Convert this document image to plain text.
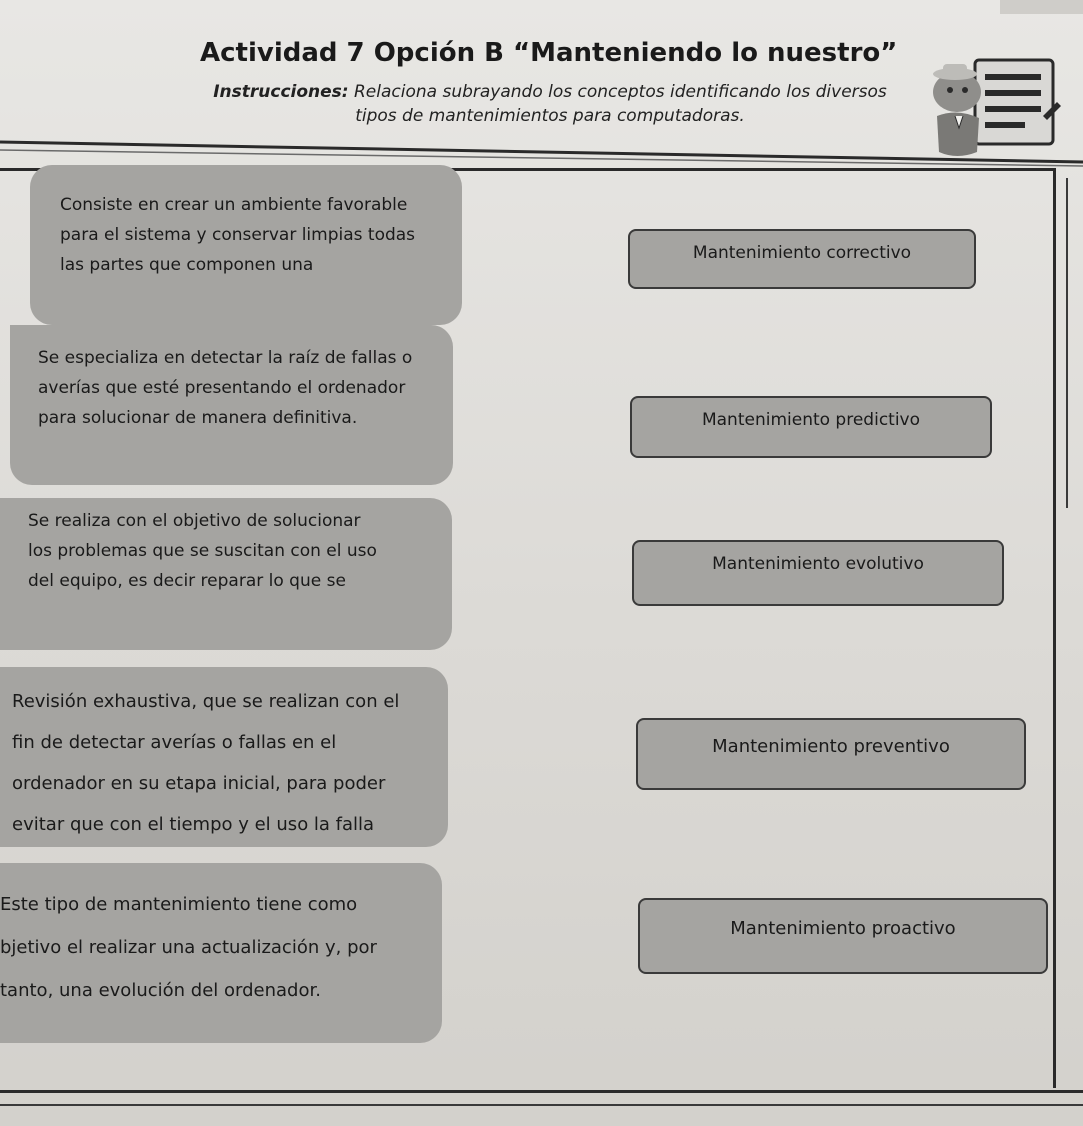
Actividad 7 Opción B “Manteniendo lo nuestro”

Instrucciones: Relaciona subrayando los conceptos identificando los diversos tipos de mantenimientos para computadoras.

Consiste en crear un ambiente favorable
para el sistema y conservar limpias todas
las partes que componen una

Se especializa en detectar la raíz de fallas o
averías que esté presentando el ordenador
para solucionar de manera definitiva.

Se realiza con el objetivo de solucionar
los problemas que se suscitan con el uso
del equipo, es decir reparar lo que se

Revisión exhaustiva, que se realizan con el
fin de detectar averías o fallas en el
ordenador en su etapa inicial, para poder
evitar que con el tiempo y el uso la falla

Este tipo de mantenimiento tiene como
bjetivo el realizar una actualización y, por
tanto, una evolución del ordenador.

Mantenimiento correctivo
Mantenimiento predictivo
Mantenimiento evolutivo
Mantenimiento preventivo
Mantenimiento proactivo
